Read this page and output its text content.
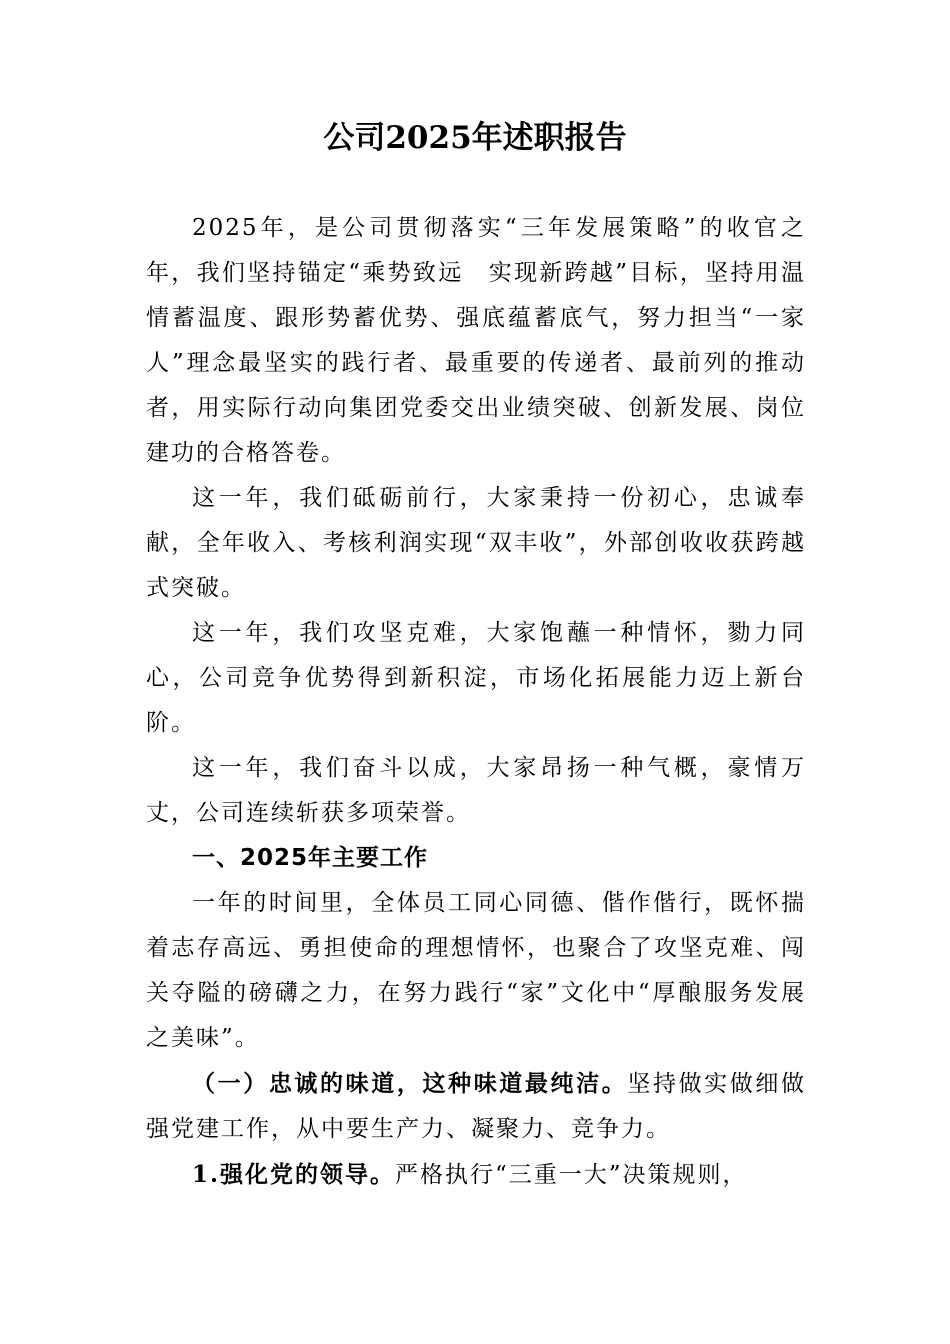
公司2025年述职报告

2025年，是公司贯彻落实“三年发展策略”的收官之年，我们坚持锚定“乘势致远　实现新跨越”目标，坚持用温情蓄温度、跟形势蓄优势、强底蕴蓄底气，努力担当“一家人”理念最坚实的践行者、最重要的传递者、最前列的推动者，用实际行动向集团党委交出业绩突破、创新发展、岗位建功的合格答卷。

这一年，我们砥砺前行，大家秉持一份初心，忠诚奉献，全年收入、考核利润实现“双丰收”，外部创收收获跨越式突破。

这一年，我们攻坚克难，大家饱蘸一种情怀，勠力同心，公司竞争优势得到新积淀，市场化拓展能力迈上新台阶。

这一年，我们奋斗以成，大家昂扬一种气概，豪情万丈，公司连续斩获多项荣誉。

一、2025年主要工作

一年的时间里，全体员工同心同德、偕作偕行，既怀揣着志存高远、勇担使命的理想情怀，也聚合了攻坚克难、闯关夺隘的磅礴之力，在努力践行“家”文化中“厚酿服务发展之美味”。

（一）忠诚的味道，这种味道最纯洁。坚持做实做细做强党建工作，从中要生产力、凝聚力、竞争力。

1.强化党的领导。严格执行“三重一大”决策规则，
